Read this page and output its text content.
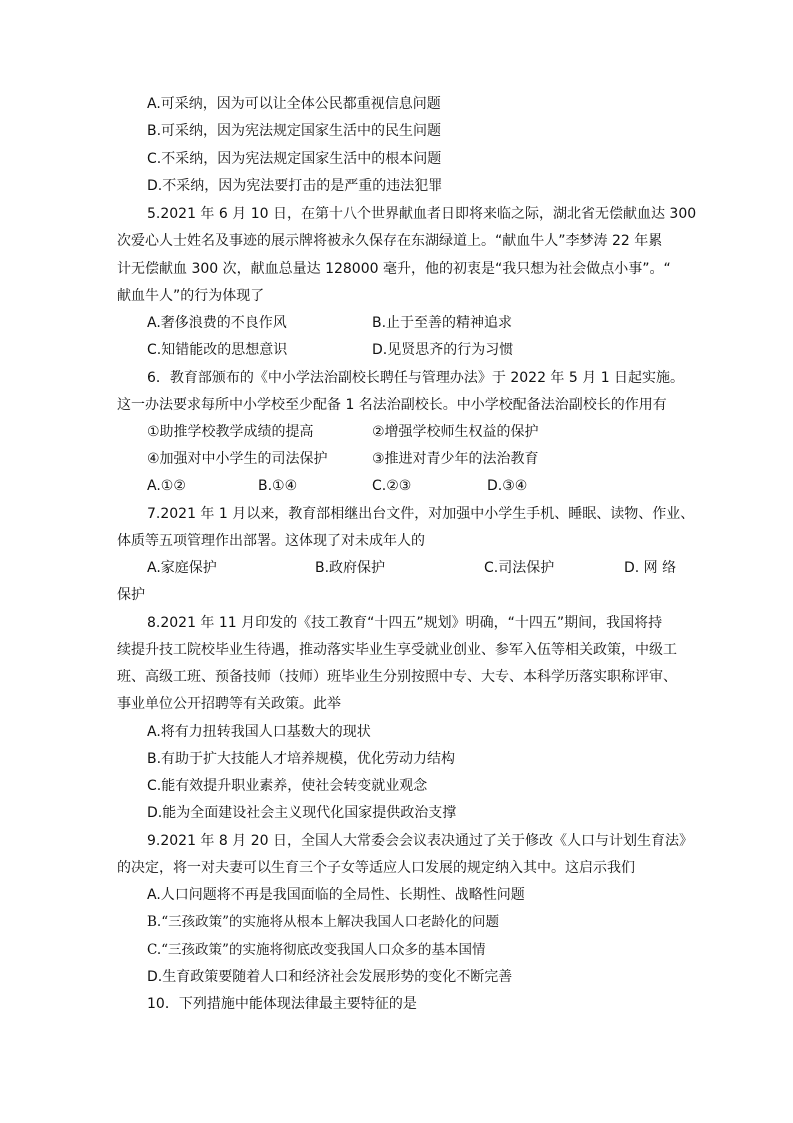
A.可采纳，因为可以让全体公民都重视信息问题
B.可采纳，因为宪法规定国家生活中的民生问题
C.不采纳，因为宪法规定国家生活中的根本问题
D.不采纳，因为宪法要打击的是严重的违法犯罪
5.2021 年 6 月 10 日，在第十八个世界献血者日即将来临之际，湖北省无偿献血达 300
次爱心人士姓名及事迹的展示牌将被永久保存在东湖绿道上。“献血牛人”李梦涛 22 年累
计无偿献血 300 次，献血总量达 128000 毫升，他的初衷是“我只想为社会做点小事”。“
献血牛人”的行为体现了
A.奢侈浪费的不良作风	B.止于至善的精神追求
C.知错能改的思想意识	D.见贤思齐的行为习惯
6．教育部颁布的《中小学法治副校长聘任与管理办法》于 2022 年 5 月 1 日起实施。
这一办法要求每所中小学校至少配备 1 名法治副校长。中小学校配备法治副校长的作用有
①助推学校教学成绩的提高	②增强学校师生权益的保护
④加强对中小学生的司法保护	③推进对青少年的法治教育
A.①②	B.①④	C.②③	D.③④
7.2021 年 1 月以来，教育部相继出台文件，对加强中小学生手机、睡眠、读物、作业、
体质等五项管理作出部署。这体现了对未成年人的
A.家庭保护	B.政府保护	C.司法保护	D. 网 络
保护
8.2021 年 11 月印发的《技工教育“十四五”规划》明确，“十四五”期间，我国将持
续提升技工院校毕业生待遇，推动落实毕业生享受就业创业、参军入伍等相关政策，中级工
班、高级工班、预备技师（技师）班毕业生分别按照中专、大专、本科学历落实职称评审、
事业单位公开招聘等有关政策。此举
A.将有力扭转我国人口基数大的现状
B.有助于扩大技能人才培养规模，优化劳动力结构
C.能有效提升职业素养，使社会转变就业观念
D.能为全面建设社会主义现代化国家提供政治支撑
9.2021 年 8 月 20 日，全国人大常委会会议表决通过了关于修改《人口与计划生育法》
的决定，将一对夫妻可以生育三个子女等适应人口发展的规定纳入其中。这启示我们
A.人口问题将不再是我国面临的全局性、长期性、战略性问题
B.“三孩政策”的实施将从根本上解决我国人口老龄化的问题
C.“三孩政策”的实施将彻底改变我国人口众多的基本国情
D.生育政策要随着人口和经济社会发展形势的变化不断完善
10．下列措施中能体现法律最主要特征的是
